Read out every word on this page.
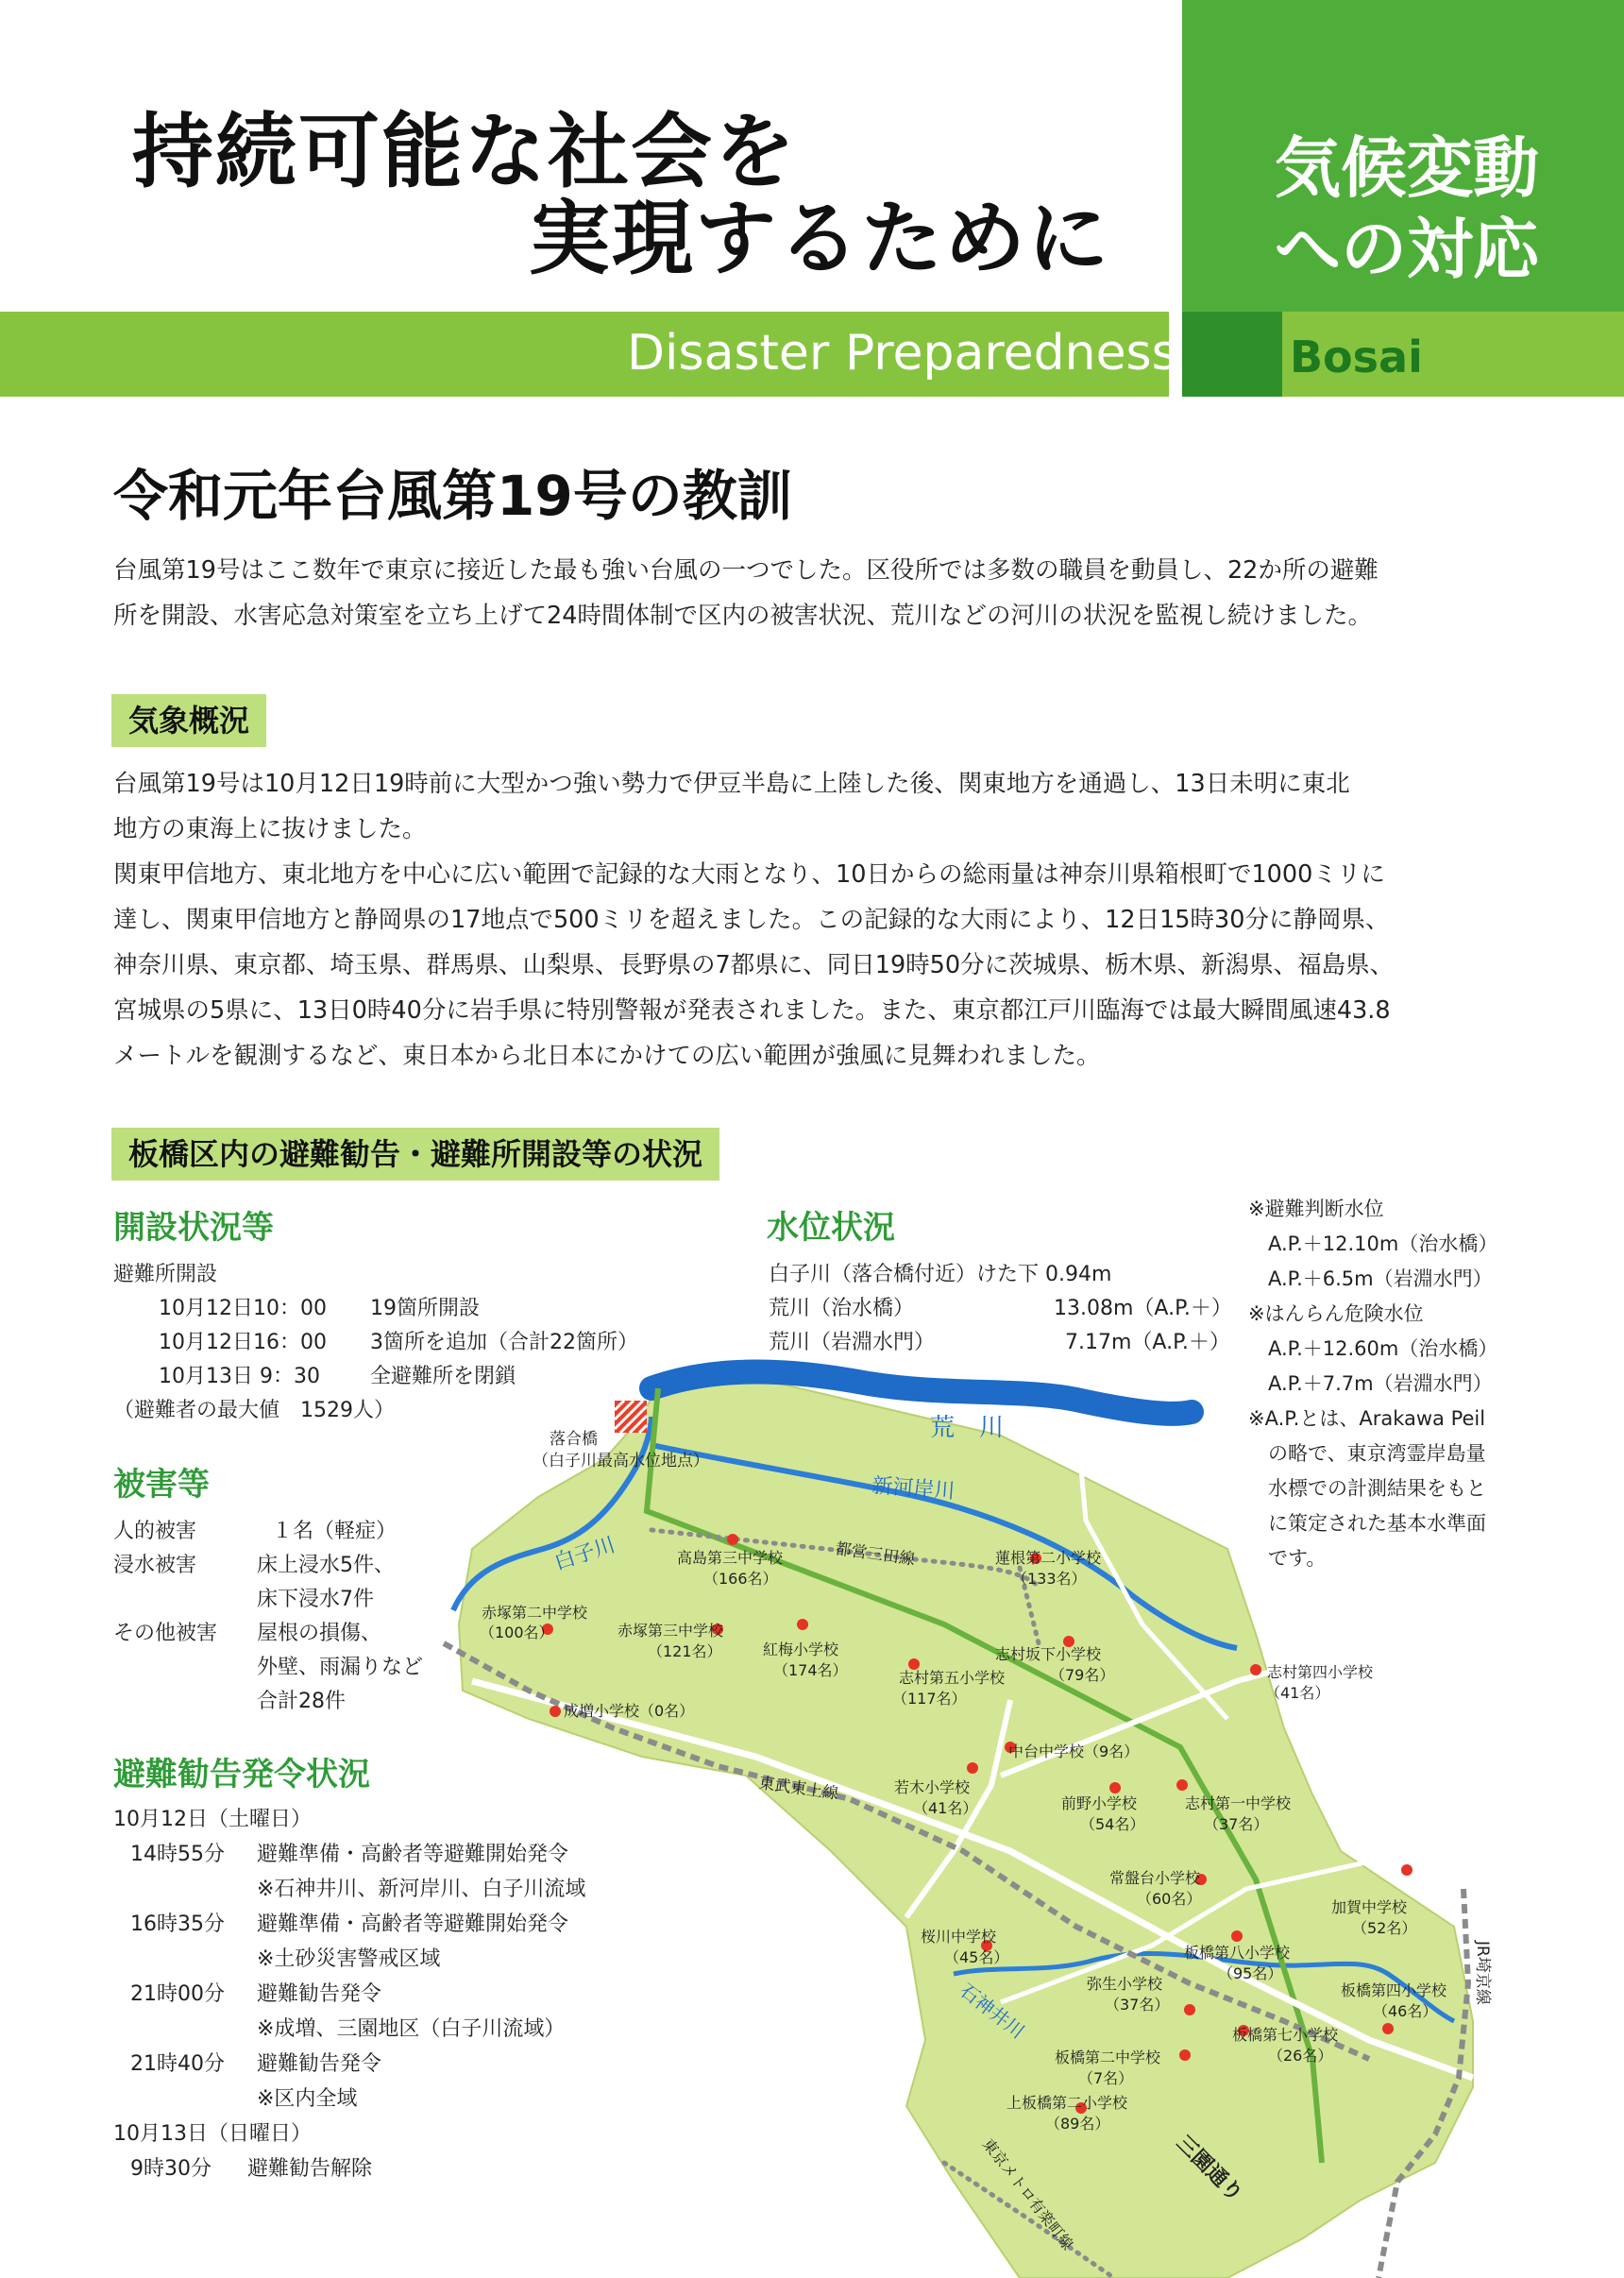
持続可能な社会を
実現するために
気候変動
への対応
Disaster Preparedness	Bosai
令和元年台風第19号の教訓
台風第19号はここ数年で東京に接近した最も強い台風の一つでした。区役所では多数の職員を動員し、22か所の避難
所を開設、水害応急対策室を立ち上げて24時間体制で区内の被害状況、荒川などの河川の状況を監視し続けました。
気象概況
台風第19号は10月12日19時前に大型かつ強い勢力で伊豆半島に上陸した後、関東地方を通過し、13日未明に東北
地方の東海上に抜けました。
関東甲信地方、東北地方を中心に広い範囲で記録的な大雨となり、10日からの総雨量は神奈川県箱根町で1000ミリに
達し、関東甲信地方と静岡県の17地点で500ミリを超えました。この記録的な大雨により、12日15時30分に静岡県、
神奈川県、東京都、埼玉県、群馬県、山梨県、長野県の7都県に、同日19時50分に茨城県、栃木県、新潟県、福島県、
宮城県の5県に、13日0時40分に岩手県に特別警報が発表されました。また、東京都江戸川臨海では最大瞬間風速43.8
メートルを観測するなど、東日本から北日本にかけての広い範囲が強風に見舞われました。
板橋区内の避難勧告・避難所開設等の状況
荒　川
新河岸川
白子川
石神井川
都営三田線
東武東上線
JR埼京線
東京メトロ有楽町線	三園通り
落合橋
（白子川最高水位地点）
高島第三中学校
（166名）
蓮根第二小学校
（133名）
赤塚第二中学校
（100名）	赤塚第三中学校
（121名）	紅梅小学校
（174名）	志村第五小学校
（117名）
志村坂下小学校
（79名）	志村第四小学校
（41名）
成増小学校（0名）
中台中学校（9名）
若木小学校
（41名）	前野小学校
（54名）
志村第一中学校
（37名）
常盤台小学校
（60名）	加賀中学校
（52名）
桜川中学校
（45名）	板橋第八小学校
（95名）
弥生小学校
（37名）
板橋第四小学校
（46名）
板橋第七小学校
（26名）
板橋第二中学校
（7名）
上板橋第二小学校
（89名）
開設状況等
避難所開設
10月12日10：00 19箇所開設
10月12日16：00 3箇所を追加（合計22箇所）
10月13日 9：30 全避難所を閉鎖
（避難者の最大値　1529人）
被害等
人的被害	１名（軽症）
浸水被害	床上浸水5件、
床下浸水7件
その他被害 屋根の損傷、
外壁、雨漏りなど
合計28件
避難勧告発令状況
10月12日（土曜日）
14時55分 避難準備・高齢者等避難開始発令
※石神井川、新河岸川、白子川流域
16時35分 避難準備・高齢者等避難開始発令
※土砂災害警戒区域
21時00分 避難勧告発令
※成増、三園地区（白子川流域）
21時40分 避難勧告発令
※区内全域
10月13日（日曜日）
9時30分 避難勧告解除
水位状況
白子川（落合橋付近）けた下 0.94m
荒川（治水橋）	13.08m（A.P.＋）
荒川（岩淵水門）	7.17m（A.P.＋）
※避難判断水位
　A.P.＋12.10m（治水橋）
　A.P.＋6.5m（岩淵水門）
※はんらん危険水位
　A.P.＋12.60m（治水橋）
　A.P.＋7.7m（岩淵水門）
※A.P.とは、Arakawa Peil
　の略で、東京湾霊岸島量
　水標での計測結果をもと
　に策定された基本水準面
　です。
